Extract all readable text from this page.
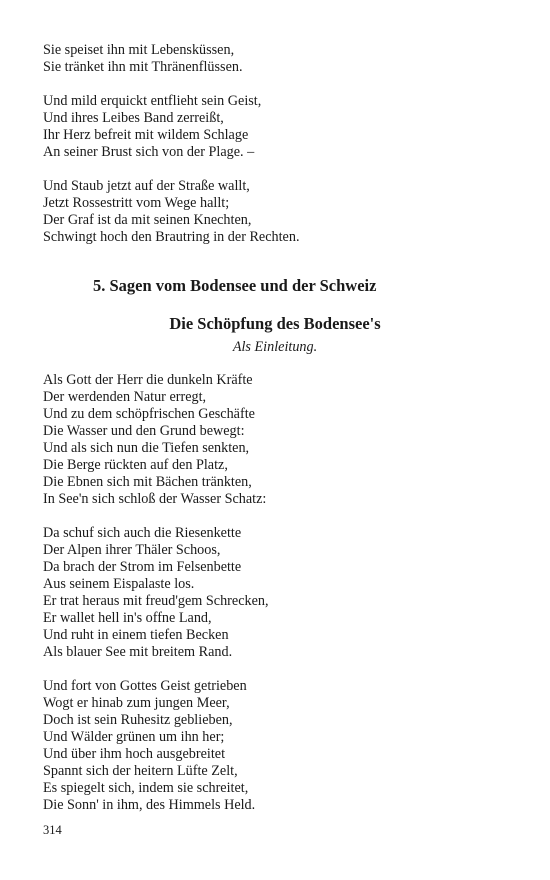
Sie speiset ihn mit Lebensküssen,
Sie tränket ihn mit Thränenflüssen.
Und mild erquickt entflieht sein Geist,
Und ihres Leibes Band zerreißt,
Ihr Herz befreit mit wildem Schlage
An seiner Brust sich von der Plage. –
Und Staub jetzt auf der Straße wallt,
Jetzt Rossestritt vom Wege hallt;
Der Graf ist da mit seinen Knechten,
Schwingt hoch den Brautring in der Rechten.
5. Sagen vom Bodensee und der Schweiz
Die Schöpfung des Bodensee's
Als Einleitung.
Als Gott der Herr die dunkeln Kräfte
Der werdenden Natur erregt,
Und zu dem schöpfrischen Geschäfte
Die Wasser und den Grund bewegt:
Und als sich nun die Tiefen senkten,
Die Berge rückten auf den Platz,
Die Ebnen sich mit Bächen tränkten,
In See'n sich schloß der Wasser Schatz:
Da schuf sich auch die Riesenkette
Der Alpen ihrer Thäler Schoos,
Da brach der Strom im Felsenbette
Aus seinem Eispalaste los.
Er trat heraus mit freud'gem Schrecken,
Er wallet hell in's offne Land,
Und ruht in einem tiefen Becken
Als blauer See mit breitem Rand.
Und fort von Gottes Geist getrieben
Wogt er hinab zum jungen Meer,
Doch ist sein Ruhesitz geblieben,
Und Wälder grünen um ihn her;
Und über ihm hoch ausgebreitet
Spannt sich der heitern Lüfte Zelt,
Es spiegelt sich, indem sie schreitet,
Die Sonn' in ihm, des Himmels Held.
314
